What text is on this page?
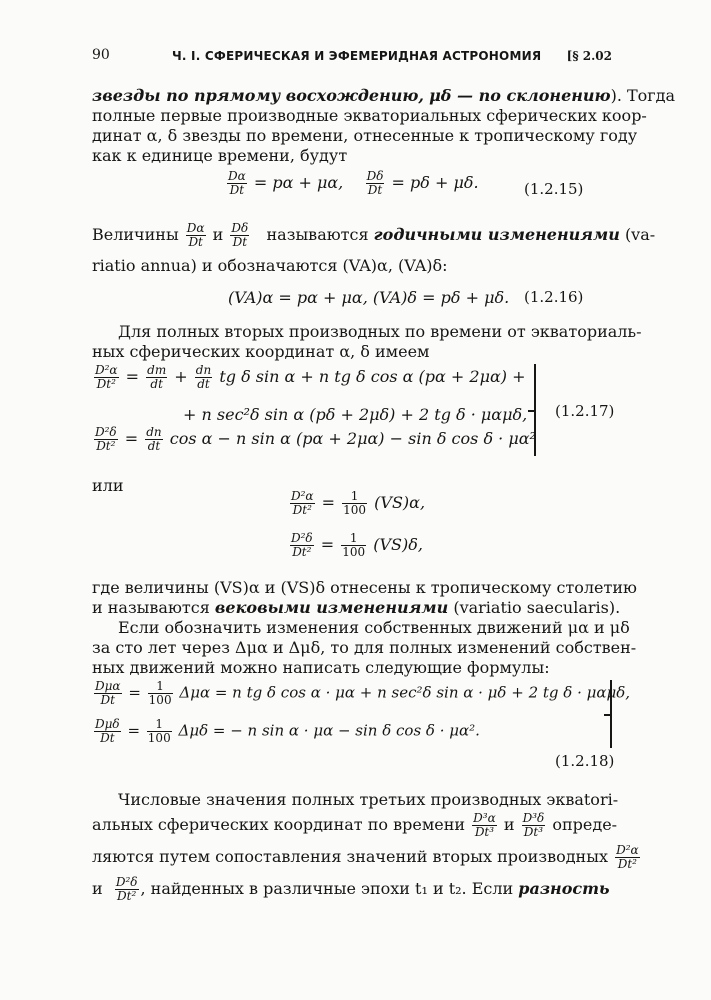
90	Ч. I. СФЕРИЧЕСКАЯ И ЭФЕМЕРИДНАЯ АСТРОНОМИЯ [§ 2.02
звезды по прямому восхождению, μδ — по склонению). Тогда
полные первые производные экваториальных сферических коор-
динат α, δ звезды по времени, отнесенные к тропическому году
как к единице времени, будут
$\frac{D\alpha}{Dt} = p\alpha + \mu\alpha$, $\frac{D\delta}{Dt} = p\delta + \mu\delta$.	(1.2.15)
Величины $\frac{D\alpha}{Dt}$ и $\frac{D\delta}{Dt}$ называются годичными изменениями (va-
riatio annua) и обозначаются (VA)α, (VA)δ:
(VA)α = pα + μα, (VA)δ = pδ + μδ. (1.2.16)
Для полных вторых производных по времени от экваториаль-
ных сферических координат α, δ имеем
$\frac{\text{D²α}}{\text{Dt²}} = \frac{dm}{dt} + \frac{dn}{dt}$ tg δ sin α + n tg δ cos α (pα + 2μα) +
+ n sec²δ sin α (pδ + 2μδ) + 2 tg δ · μαμδ,
$\frac{\text{D²δ}}{\text{Dt²}} = \frac{dn}{dt}$ cos α − n sin α (pα + 2μα) − sin δ cos δ · μα²
(1.2.17)
или
$\frac{\text{D²α}}{\text{Dt²}} = \frac{1}{100} (VS)\alpha$,
$\frac{\text{D²δ}}{\text{Dt²}} = \frac{1}{100} (VS)\delta$,
где величины (VS)α и (VS)δ отнесены к тропическому столетию
и называются вековыми изменениями (variatio saecularis).
Если обозначить изменения собственных движений μα и μδ
за сто лет через Δμα и Δμδ, то для полных изменений собствен-
ных движений можно написать следующие формулы:
$\frac{\text{Dμα}}{Dt} = \frac{1}{100}$ Δμα = n tg δ cos α · μα + n sec²δ sin α · μδ + 2 tg δ · μαμδ,
$\frac{\text{Dμδ}}{Dt} = \frac{1}{100}$ Δμδ = − n sin α · μα − sin δ cos δ · μα².
(1.2.18)
Числовые значения полных третьих производных эквatori-
альных сферических координат по времени $\frac{\text{D³α}}{\text{Dt³}}$ и $\frac{\text{D³δ}}{\text{Dt³}}$ опреде-
ляются путем сопоставления значений вторых производных $\frac{\text{D²α}}{\text{Dt²}}$
и $\frac{\text{D²δ}}{\text{Dt²}}$ , найденных в различные эпохи t₁ и t₂. Если разность
